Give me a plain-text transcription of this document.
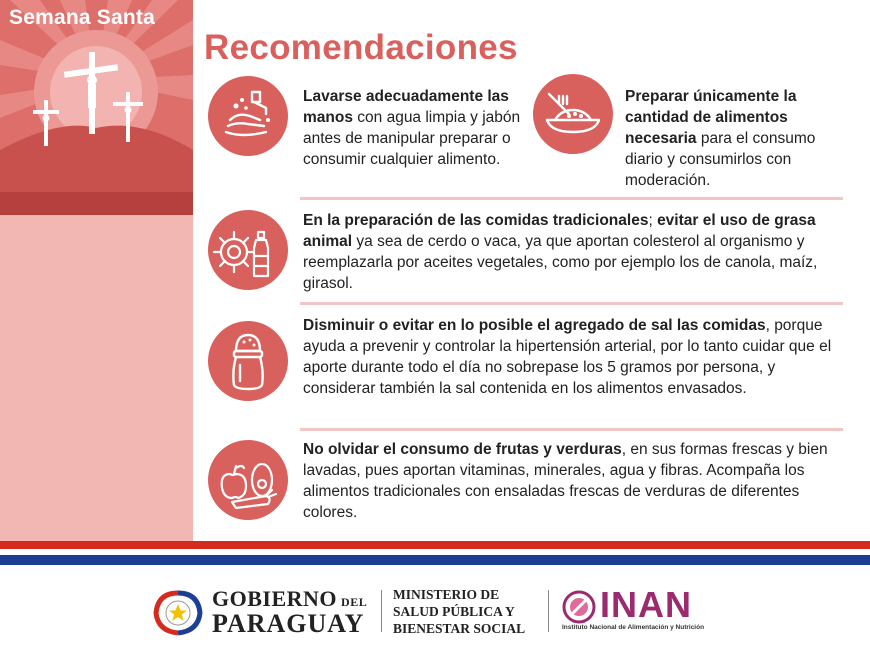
Semana Santa
Recomendaciones
Lavarse adecuadamente las manos con agua limpia y jabón antes de manipular preparar o consumir cualquier alimento.
Preparar únicamente la cantidad de alimentos necesaria para el consumo diario y consumirlos con moderación.
En la preparación de las comidas tradicionales; evitar el uso de grasa animal ya sea de cerdo o vaca, ya que aportan colesterol al organismo y reemplazarla por aceites vegetales, como por ejemplo los de canola, maíz, girasol.
Disminuir o evitar en lo posible el agregado de sal las comidas, porque ayuda a prevenir y controlar la hipertensión arterial, por lo tanto cuidar que el aporte durante todo el día no sobrepase los 5 gramos por persona, y considerar también la sal contenida en los alimentos envasados.
No olvidar el consumo de frutas y verduras, en sus formas frescas y bien lavadas, pues aportan vitaminas, minerales, agua y fibras. Acompaña los alimentos tradicionales con ensaladas frescas de verduras de diferentes colores.
GOBIERNO DEL
PARAGUAY
MINISTERIO DE
SALUD PÚBLICA Y
BIENESTAR SOCIAL
INAN
Instituto Nacional de Alimentación y Nutrición
